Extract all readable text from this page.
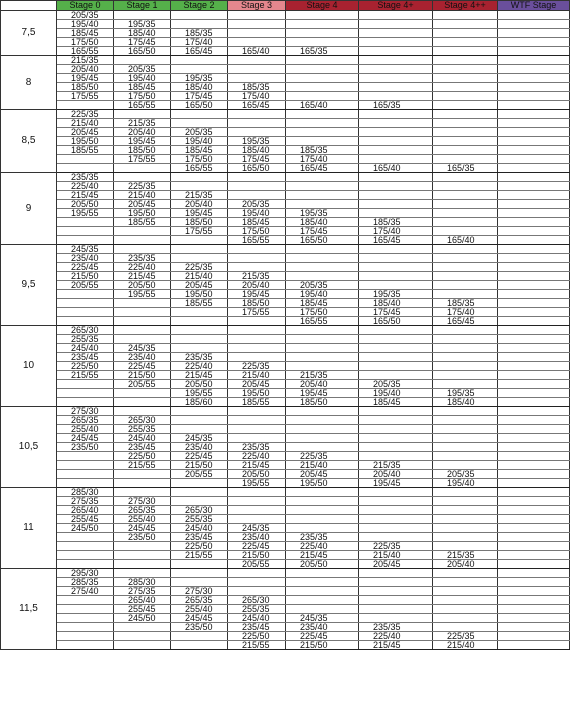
	Stage 0	Stage 1	Stage 2	Stage 3	Stage 4	Stage 4+	Stage 4++	WTF Stage
7,5	205/35							
	195/40	195/35						
	185/45	185/40	185/35					
	175/50	175/45	175/40					
	165/55	165/50	165/45	165/40	165/35			
8	215/35							
	205/40	205/35						
	195/45	195/40	195/35					
	185/50	185/45	185/40	185/35				
	175/55	175/50	175/45	175/40				
		165/55	165/50	165/45	165/40	165/35		
8,5	225/35							
	215/40	215/35						
	205/45	205/40	205/35					
	195/50	195/45	195/40	195/35				
	185/55	185/50	185/45	185/40	185/35			
		175/55	175/50	175/45	175/40			
			165/55	165/50	165/45	165/40	165/35	
9	235/35							
	225/40	225/35						
	215/45	215/40	215/35					
	205/50	205/45	205/40	205/35				
	195/55	195/50	195/45	195/40	195/35			
		185/55	185/50	185/45	185/40	185/35		
			175/55	175/50	175/45	175/40		
				165/55	165/50	165/45	165/40	
9,5	245/35							
	235/40	235/35						
	225/45	225/40	225/35					
	215/50	215/45	215/40	215/35				
	205/55	205/50	205/45	205/40	205/35			
		195/55	195/50	195/45	195/40	195/35		
			185/55	185/50	185/45	185/40	185/35	
				175/55	175/50	175/45	175/40	
					165/55	165/50	165/45	
10	265/30							
	255/35							
	245/40	245/35						
	235/45	235/40	235/35					
	225/50	225/45	225/40	225/35				
	215/55	215/50	215/45	215/40	215/35			
		205/55	205/50	205/45	205/40	205/35		
			195/55	195/50	195/45	195/40	195/35	
			185/60	185/55	185/50	185/45	185/40	
10,5	275/30							
	265/35	265/30						
	255/40	255/35						
	245/45	245/40	245/35					
	235/50	235/45	235/40	235/35				
		225/50	225/45	225/40	225/35			
		215/55	215/50	215/45	215/40	215/35		
			205/55	205/50	205/45	205/40	205/35	
				195/55	195/50	195/45	195/40	
11	285/30							
	275/35	275/30						
	265/40	265/35	265/30					
	255/45	255/40	255/35					
	245/50	245/45	245/40	245/35				
		235/50	235/45	235/40	235/35			
			225/50	225/45	225/40	225/35		
			215/55	215/50	215/45	215/40	215/35	
				205/55	205/50	205/45	205/40	
11,5	295/30							
	285/35	285/30						
	275/40	275/35	275/30					
		265/40	265/35	265/30				
		255/45	255/40	255/35				
		245/50	245/45	245/40	245/35			
			235/50	235/45	235/40	235/35		
				225/50	225/45	225/40	225/35	
				215/55	215/50	215/45	215/40	
